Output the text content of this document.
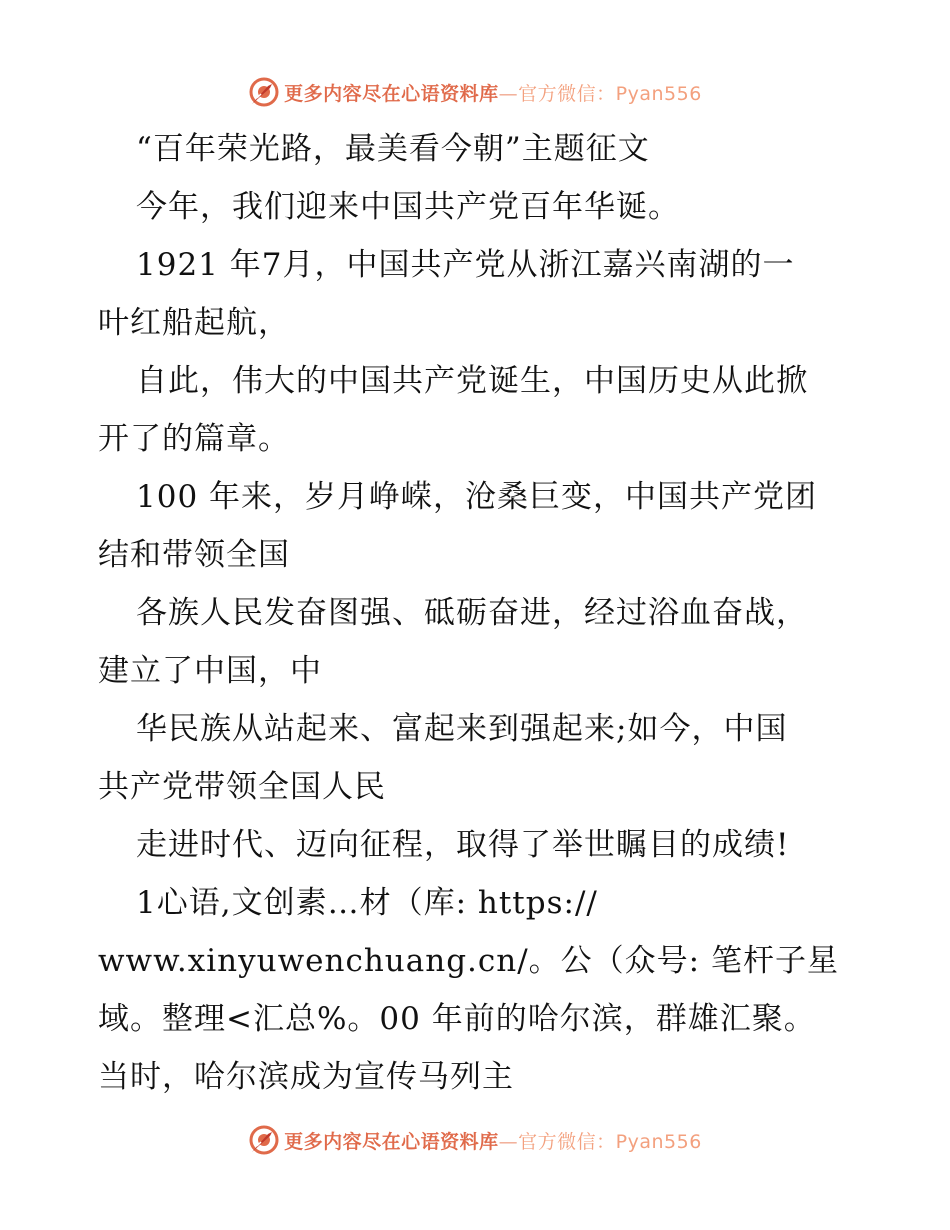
更多内容尽在心语资料库—官方微信：Pyan556
“百年荣光路，最美看今朝”主题征文
今年，我们迎来中国共产党百年华诞。
1921 年7月，中国共产党从浙江嘉兴南湖的一
叶红船起航，
自此，伟大的中国共产党诞生，中国历史从此掀
开了的篇章。
100 年来，岁月峥嵘，沧桑巨变，中国共产党团
结和带领全国
各族人民发奋图强、砥砺奋进，经过浴血奋战，
建立了中国，中
华民族从站起来、富起来到强起来;如今，中国
共产党带领全国人民
走进时代、迈向征程，取得了举世瞩目的成绩!
1心语,文创素…材（库: https://
www.xinyuwenchuang.cn/。公（众号: 笔杆子星
域。整理<汇总%。00 年前的哈尔滨，群雄汇聚。
当时，哈尔滨成为宣传马列主
更多内容尽在心语资料库—官方微信：Pyan556
